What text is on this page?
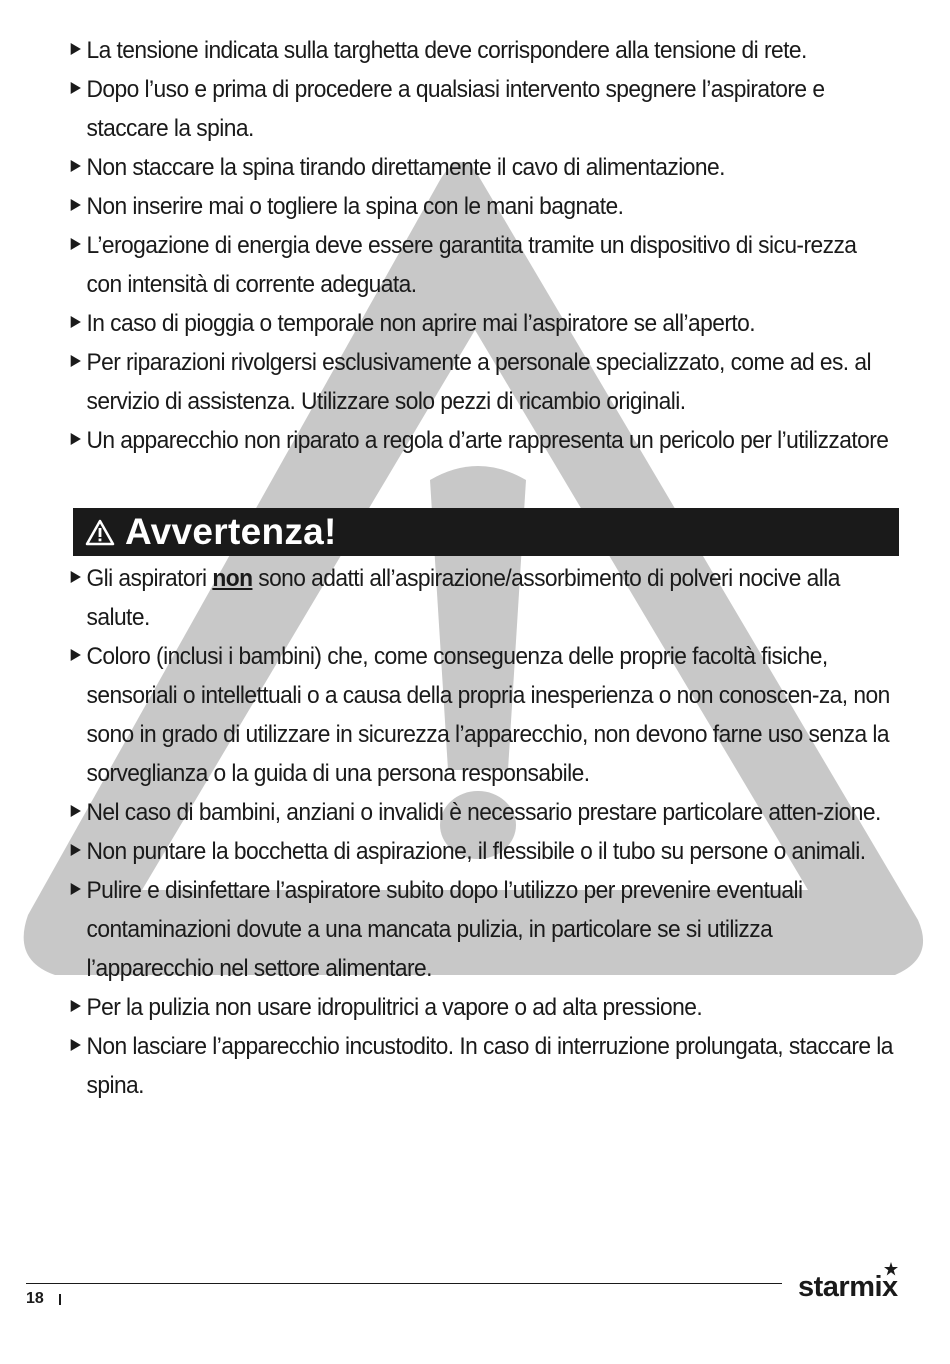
La tensione indicata sulla targhetta deve corrispondere alla tensione di rete.
Dopo l’uso e prima di procedere a qualsiasi intervento spegnere l’aspiratore e staccare la spina.
Non staccare la spina tirando direttamente il cavo di alimentazione.
Non inserire mai o togliere la spina con le mani bagnate.
L’erogazione di energia deve essere garantita tramite un dispositivo di sicu-rezza con intensità di corrente adeguata.
In caso di pioggia o temporale non aprire mai l’aspiratore se all’aperto.
Per riparazioni rivolgersi esclusivamente a personale specializzato, come ad es. al servizio di assistenza. Utilizzare solo pezzi di ricambio originali.
Un apparecchio non riparato a regola d’arte rappresenta un pericolo per l’utilizzatore
Avvertenza!
Gli aspiratori non sono adatti all’aspirazione/assorbimento di polveri nocive alla salute.
Coloro (inclusi i bambini) che, come conseguenza delle proprie facoltà fisiche, sensoriali o intellettuali o a causa della propria inesperienza o non conoscen-za, non sono in grado di utilizzare in sicurezza l’apparecchio, non devono farne uso senza la sorveglianza o la guida di una persona responsabile.
Nel caso di bambini, anziani o invalidi è necessario prestare particolare atten-zione.
Non puntare la bocchetta di aspirazione, il flessibile o il tubo su persone o animali.
Pulire e disinfettare l’aspiratore subito dopo l’utilizzo per prevenire eventuali contaminazioni dovute a una mancata pulizia, in particolare se si utilizza l’apparecchio nel settore alimentare.
Per la pulizia non usare idropulitrici a vapore o ad alta pressione.
Non lasciare l’apparecchio incustodito. In caso di interruzione prolungata, staccare la spina.
18	starmix
